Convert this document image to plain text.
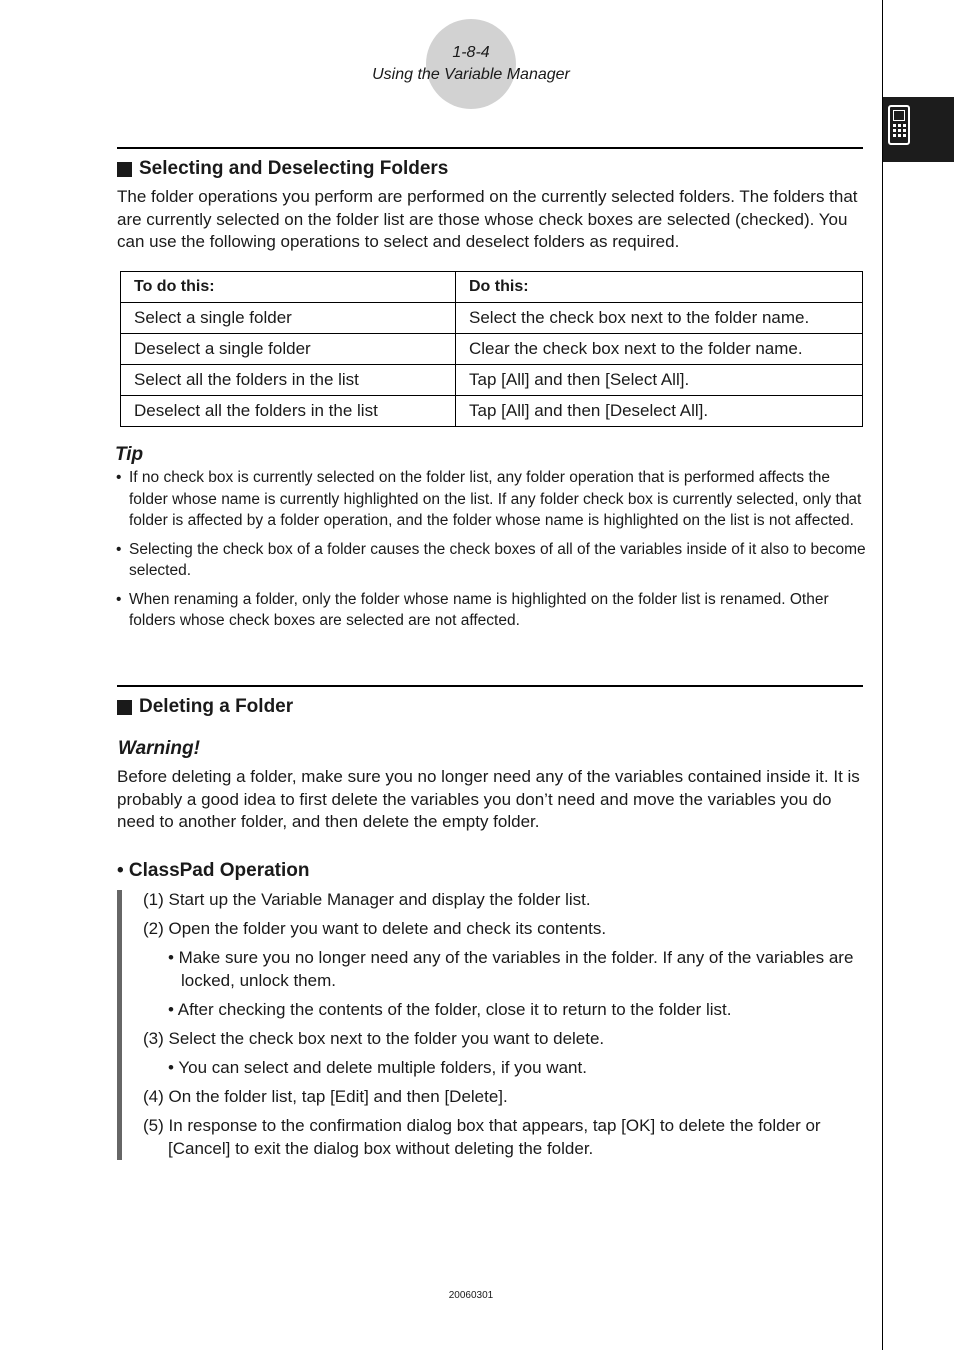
1-8-4
Using the Variable Manager
Selecting and Deselecting Folders

The folder operations you perform are performed on the currently selected folders. The folders that are currently selected on the folder list are those whose check boxes are selected (checked). You can use the following operations to select and deselect folders as required.

To do this:	Do this:
Select a single folder	Select the check box next to the folder name.
Deselect a single folder	Clear the check box next to the folder name.
Select all the folders in the list	Tap [All] and then [Select All].
Deselect all the folders in the list	Tap [All] and then [Deselect All].
Tip
• If no check box is currently selected on the folder list, any folder operation that is performed affects the folder whose name is currently highlighted on the list. If any folder check box is currently selected, only that folder is affected by a folder operation, and the folder whose name is highlighted on the list is not affected.
• Selecting the check box of a folder causes the check boxes of all of the variables inside of it also to become selected.
• When renaming a folder, only the folder whose name is highlighted on the folder list is renamed. Other folders whose check boxes are selected are not affected.
Deleting a Folder
Warning!

Before deleting a folder, make sure you no longer need any of the variables contained inside it. It is probably a good idea to first delete the variables you don’t need and move the variables you do need to another folder, and then delete the empty folder.

• ClassPad Operation
(1) Start up the Variable Manager and display the folder list.
(2) Open the folder you want to delete and check its contents.
• Make sure you no longer need any of the variables in the folder. If any of the variables are locked, unlock them.
• After checking the contents of the folder, close it to return to the folder list.
(3) Select the check box next to the folder you want to delete.
• You can select and delete multiple folders, if you want.
(4) On the folder list, tap [Edit] and then [Delete].
(5) In response to the confirmation dialog box that appears, tap [OK] to delete the folder or [Cancel] to exit the dialog box without deleting the folder.
20060301
